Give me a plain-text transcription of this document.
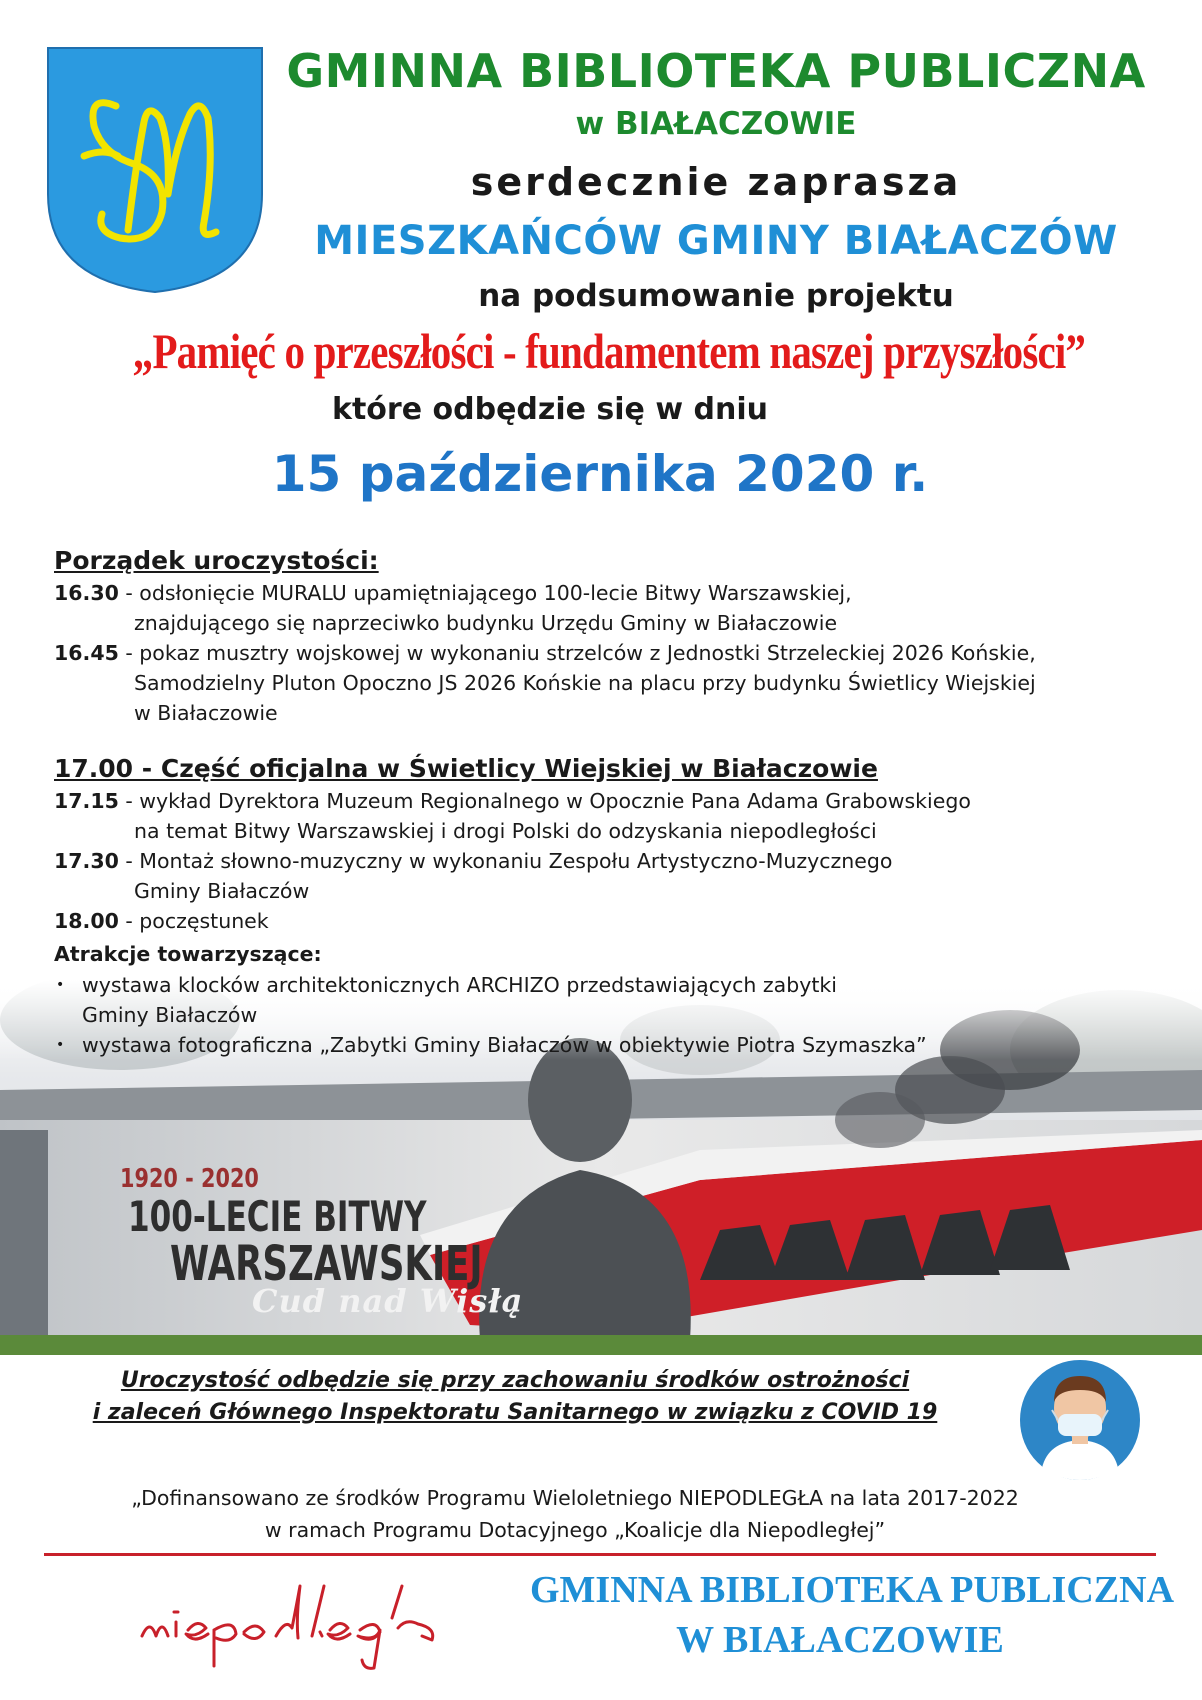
GMINNA BIBLIOTEKA PUBLICZNA
w BIAŁACZOWIE
serdecznie zaprasza
MIESZKAŃCÓW GMINY BIAŁACZÓW
na podsumowanie projektu
„Pamięć o przeszłości - fundamentem naszej przyszłości”
które odbędzie się w dniu
15 października 2020 r.
Porządek uroczystości:
16.30 - odsłonięcie MURALU upamiętniającego 100-lecie Bitwy Warszawskiej,
znajdującego się naprzeciwko budynku Urzędu Gminy w Białaczowie
16.45 - pokaz musztry wojskowej w wykonaniu strzelców z Jednostki Strzeleckiej 2026 Końskie,
Samodzielny Pluton Opoczno JS 2026 Końskie na placu przy budynku Świetlicy Wiejskiej
w Białaczowie
17.00 - Część oficjalna w Świetlicy Wiejskiej w Białaczowie
17.15 - wykład Dyrektora Muzeum Regionalnego w Opocznie Pana Adama Grabowskiego
na temat Bitwy Warszawskiej i drogi Polski do odzyskania niepodległości
17.30 - Montaż słowno-muzyczny w wykonaniu Zespołu Artystyczno-Muzycznego
Gminy Białaczów
18.00 - poczęstunek
Atrakcje towarzyszące:
1920 - 2020
100-LECIE BITWY
WARSZAWSKIEJ
Cud nad Wisłą
• wystawa klocków architektonicznych ARCHIZO przedstawiających zabytki
Gminy Białaczów
• wystawa fotograficzna „Zabytki Gminy Białaczów w obiektywie Piotra Szymaszka”
Uroczystość odbędzie się przy zachowaniu środków ostrożności
i zaleceń Głównego Inspektoratu Sanitarnego w związku z COVID 19
„Dofinansowano ze środków Programu Wieloletniego NIEPODLEGŁA na lata 2017-2022
w ramach Programu Dotacyjnego „Koalicje dla Niepodległej”
GMINNA BIBLIOTEKA PUBLICZNA
W BIAŁACZOWIE
